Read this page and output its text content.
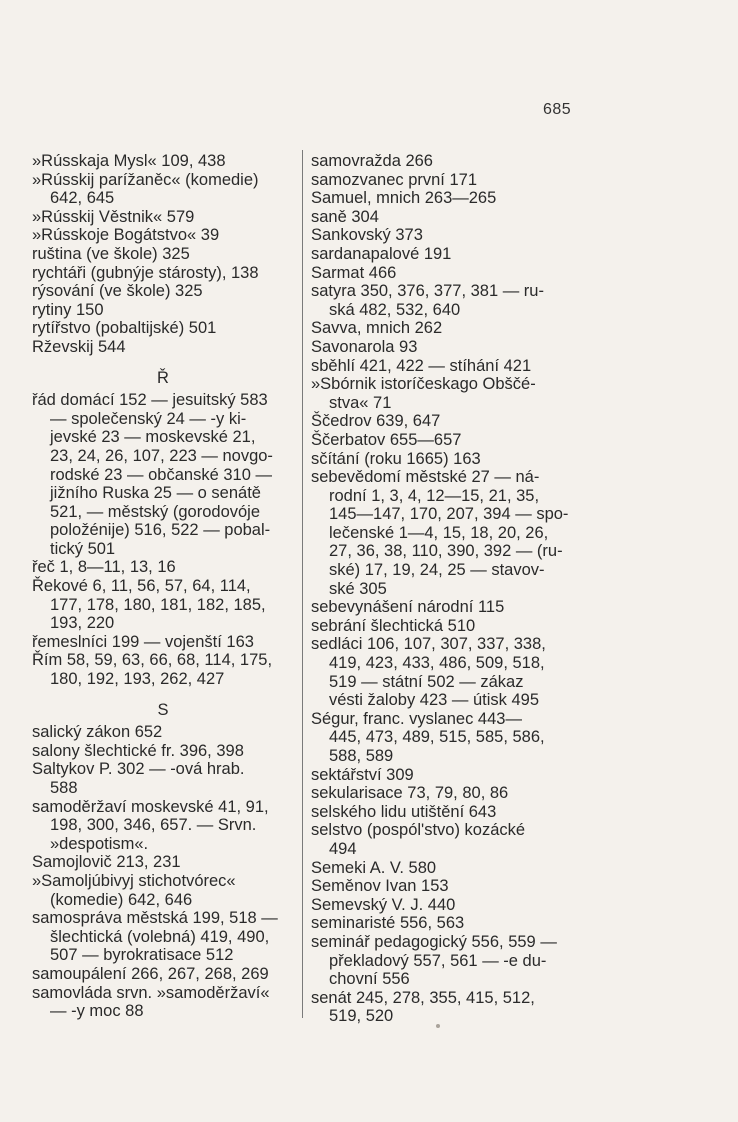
685
»Rússkaja Mysl« 109, 438
»Rússkij parížaněc« (komedie)
642, 645
»Rússkij Věstnik« 579
»Rússkoje Bogátstvo« 39
ruština (ve škole) 325
rychtáři (gubnýje stárosty), 138
rýsování (ve škole) 325
rytiny 150
rytířstvo (pobaltijské) 501
Rževskij 544
Ř
řád domácí 152 — jesuitský 583
— společenský 24 — -y ki-
jevské 23 — moskevské 21,
23, 24, 26, 107, 223 — novgo-
rodské 23 — občanské 310 —
jižního Ruska 25 — o senátě
521, — městský (gorodovóje
položénije) 516, 522 — pobal-
tický 501
řeč 1, 8—11, 13, 16
Řekové 6, 11, 56, 57, 64, 114,
177, 178, 180, 181, 182, 185,
193, 220
řemeslníci 199 — vojenští 163
Řím 58, 59, 63, 66, 68, 114, 175,
180, 192, 193, 262, 427
S
salický zákon 652
salony šlechtické fr. 396, 398
Saltykov P. 302 — -ová hrab.
588
samoděržaví moskevské 41, 91,
198, 300, 346, 657. — Srvn.
»despotism«.
Samojlovič 213, 231
»Samoljúbivyj stichotvórec«
(komedie) 642, 646
samospráva městská 199, 518 —
šlechtická (volebná) 419, 490,
507 — byrokratisace 512
samoupálení 266, 267, 268, 269
samovláda srvn. »samoděržaví«
— -y moc 88
samovražda 266
samozvanec první 171
Samuel, mnich 263—265
saně 304
Sankovský 373
sardanapalové 191
Sarmat 466
satyra 350, 376, 377, 381 — ru-
ská 482, 532, 640
Savva, mnich 262
Savonarola 93
sběhlí 421, 422 — stíhání 421
»Sbórnik istoríčeskago Obščé-
stva« 71
Ščedrov 639, 647
Ščerbatov 655—657
sčítání (roku 1665) 163
sebevědomí městské 27 — ná-
rodní 1, 3, 4, 12—15, 21, 35,
145—147, 170, 207, 394 — spo-
lečenské 1—4, 15, 18, 20, 26,
27, 36, 38, 110, 390, 392 — (ru-
ské) 17, 19, 24, 25 — stavov-
ské 305
sebevynášení národní 115
sebrání šlechtická 510
sedláci 106, 107, 307, 337, 338,
419, 423, 433, 486, 509, 518,
519 — státní 502 — zákaz
vésti žaloby 423 — útisk 495
Ségur, franc. vyslanec 443—
445, 473, 489, 515, 585, 586,
588, 589
sektářství 309
sekularisace 73, 79, 80, 86
selského lidu utištění 643
selstvo (pospól'stvo) kozácké
494
Semeki A. V. 580
Seměnov Ivan 153
Semevský V. J. 440
seminaristé 556, 563
seminář pedagogický 556, 559 —
překladový 557, 561 — -e du-
chovní 556
senát 245, 278, 355, 415, 512,
519, 520
